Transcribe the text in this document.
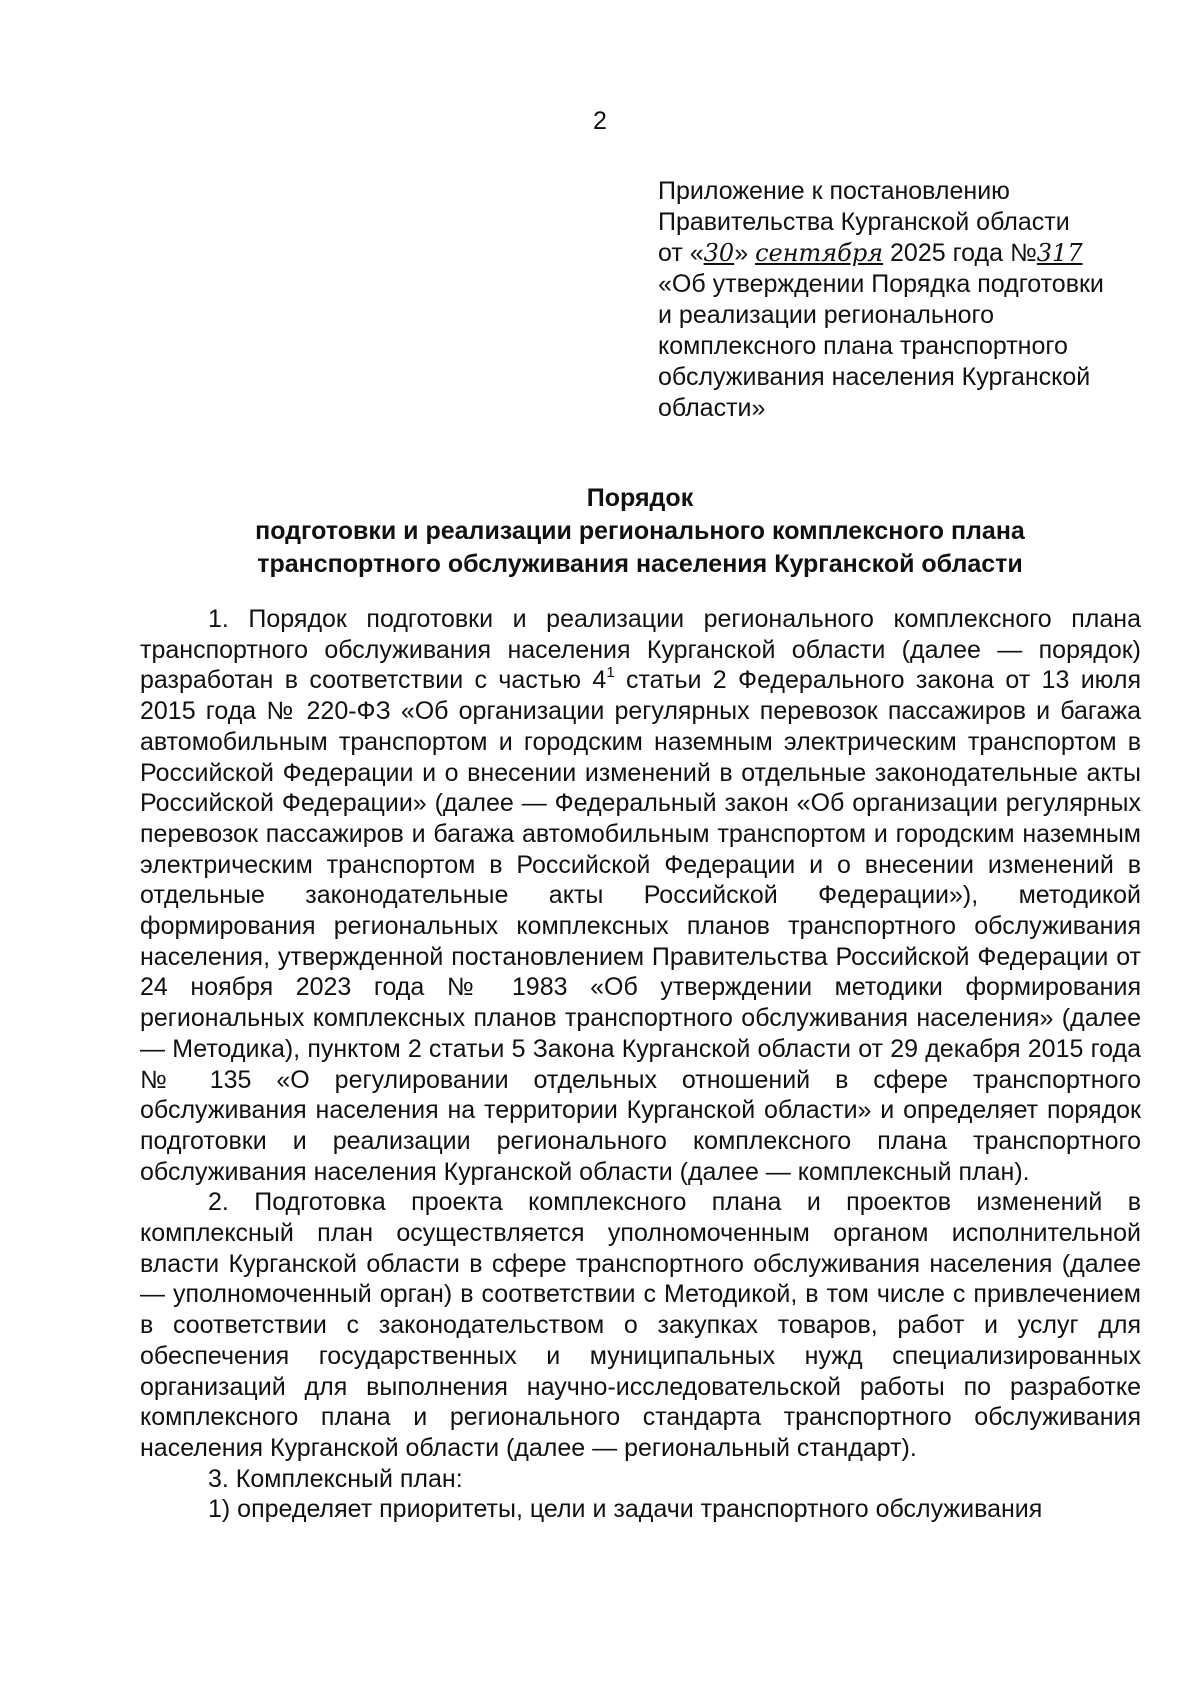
2
Приложение к постановлению
Правительства Курганской области
от «30» сентября 2025 года №317
«Об утверждении Порядка подготовки
и реализации регионального
комплексного плана транспортного
обслуживания населения Курганской
области»
Порядок
подготовки и реализации регионального комплексного плана
транспортного обслуживания населения Курганской области

1. Порядок подготовки и реализации регионального комплексного плана транспортного обслуживания населения Курганской области (далее — порядок) разработан в соответствии с частью $4^1$ статьи 2 Федерального закона от 13 июля 2015 года № 220-ФЗ «Об организации регулярных перевозок пассажиров и багажа автомобильным транспортом и городским наземным электрическим транспортом в Российской Федерации и о внесении изменений в отдельные законодательные акты Российской Федерации» (далее — Федеральный закон «Об организации регулярных перевозок пассажиров и багажа автомобильным транспортом и городским наземным электрическим транспортом в Российской Федерации и о внесении изменений в отдельные законодательные акты Российской Федерации»), методикой формирования региональных комплексных планов транспортного обслуживания населения, утвержденной постановлением Правительства Российской Федерации от 24 ноября 2023 года № 1983 «Об утверждении методики формирования региональных комплексных планов транспортного обслуживания населения» (далее — Методика), пунктом 2 статьи 5 Закона Курганской области от 29 декабря 2015 года № 135 «О регулировании отдельных отношений в сфере транспортного обслуживания населения на территории Курганской области» и определяет порядок подготовки и реализации регионального комплексного плана транспортного обслуживания населения Курганской области (далее — комплексный план).

2. Подготовка проекта комплексного плана и проектов изменений в комплексный план осуществляется уполномоченным органом исполнительной власти Курганской области в сфере транспортного обслуживания населения (далее — уполномоченный орган) в соответствии с Методикой, в том числе с привлечением в соответствии с законодательством о закупках товаров, работ и услуг для обеспечения государственных и муниципальных нужд специализированных организаций для выполнения научно-исследовательской работы по разработке комплексного плана и регионального стандарта транспортного обслуживания населения Курганской области (далее — региональный стандарт).

3. Комплексный план:

1) определяет приоритеты, цели и задачи транспортного обслуживания
